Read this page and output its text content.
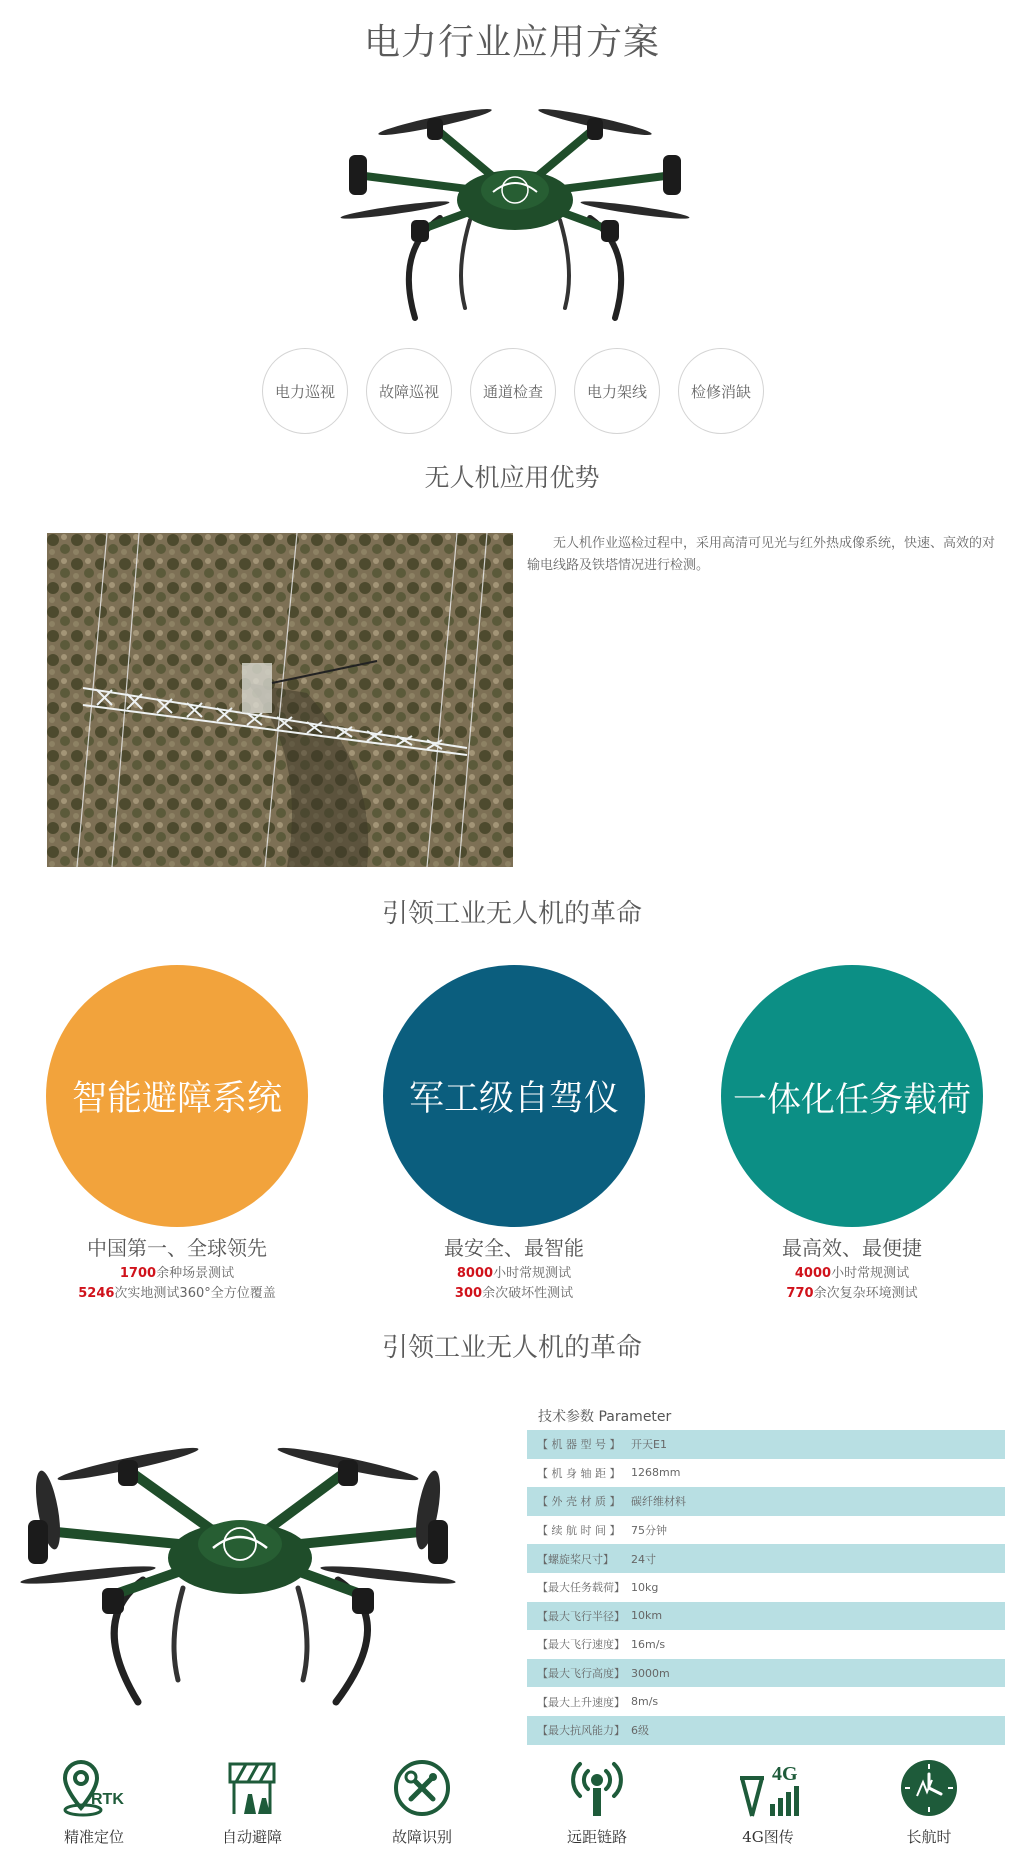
电力行业应用方案
电力巡视	故障巡视	通道检查	电力架线	检修消缺
无人机应用优势
无人机作业巡检过程中，采用高清可见光与红外热成像系统，快速、高效的对输电线路及铁塔情况进行检测。
引领工业无人机的革命
智能避障系统	军工级自驾仪	一体化任务载荷
中国第一、全球领先
1700余种场景测试
5246次实地测试360°全方位覆盖
最安全、最智能
8000小时常规测试
300余次破坏性测试
最高效、最便捷
4000小时常规测试
770余次复杂环境测试
引领工业无人机的革命
技术参数 Parameter
【 机 器 型 号 】 开天E1
【 机 身 轴 距 】 1268mm
【 外 壳 材 质 】 碳纤维材料
【 续 航 时 间 】 75分钟
【螺旋桨尺寸】	24寸
【最大任务载荷】 10kg
【最大飞行半径】 10km
【最大飞行速度】 16m/s
【最大飞行高度】 3000m
【最大上升速度】 8m/s
【最大抗风能力】 6级
RTK
精准定位	自动避障	故障识别	远距链路
4G
4G图传	长航时
